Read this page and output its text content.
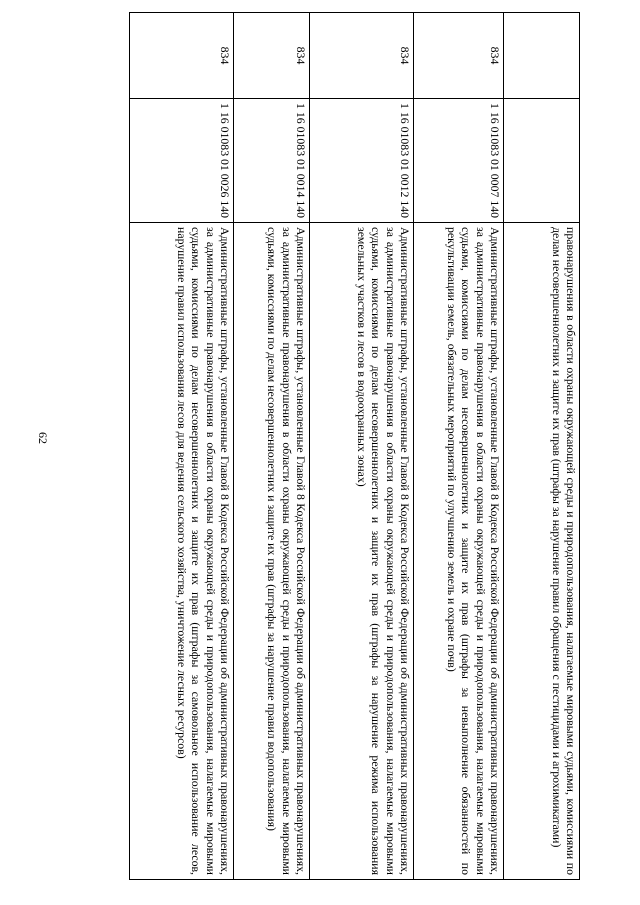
62
			правонарушения в области охраны окружающей среды и природопользования, налагаемые мировыми судьями, комиссиями по делам несовершеннолетних и защите их прав (штрафы за нарушение правил обращения с пестицидами и агрохимикатами)
834	1 16 01083 01 0007 140	Административные штрафы, установленные Главой 8 Кодекса Российской Федерации об административных правонарушениях, за административные правонарушения в области охраны окружающей среды и природопользования, налагаемые мировыми судьями, комиссиями по делам несовершеннолетних и защите их прав (штрафы за невыполнение обязанностей по рекультивации земель, обязательных мероприятий по улучшению земель и охране почв)
834	1 16 01083 01 0012 140	Административные штрафы, установленные Главой 8 Кодекса Российской Федерации об административных правонарушениях, за административные правонарушения в области охраны окружающей среды и природопользования, налагаемые мировыми судьями, комиссиями по делам несовершеннолетних и защите их прав (штрафы за нарушение режима использования земельных участков и лесов в водоохранных зонах)
834	1 16 01083 01 0014 140	Административные штрафы, установленные Главой 8 Кодекса Российской Федерации об административных правонарушениях, за административные правонарушения в области охраны окружающей среды и природопользования, налагаемые мировыми судьями, комиссиями по делам несовершеннолетних и защите их прав (штрафы за нарушение правил водопользования)
834	1 16 01083 01 0026 140	Административные штрафы, установленные Главой 8 Кодекса Российской Федерации об административных правонарушениях, за административные правонарушения в области охраны окружающей среды и природопользования, налагаемые мировыми судьями, комиссиями по делам несовершеннолетних и защите их прав (штрафы за самовольное использование лесов, нарушение правил использования лесов для ведения сельского хозяйства, уничтожение лесных ресурсов)
